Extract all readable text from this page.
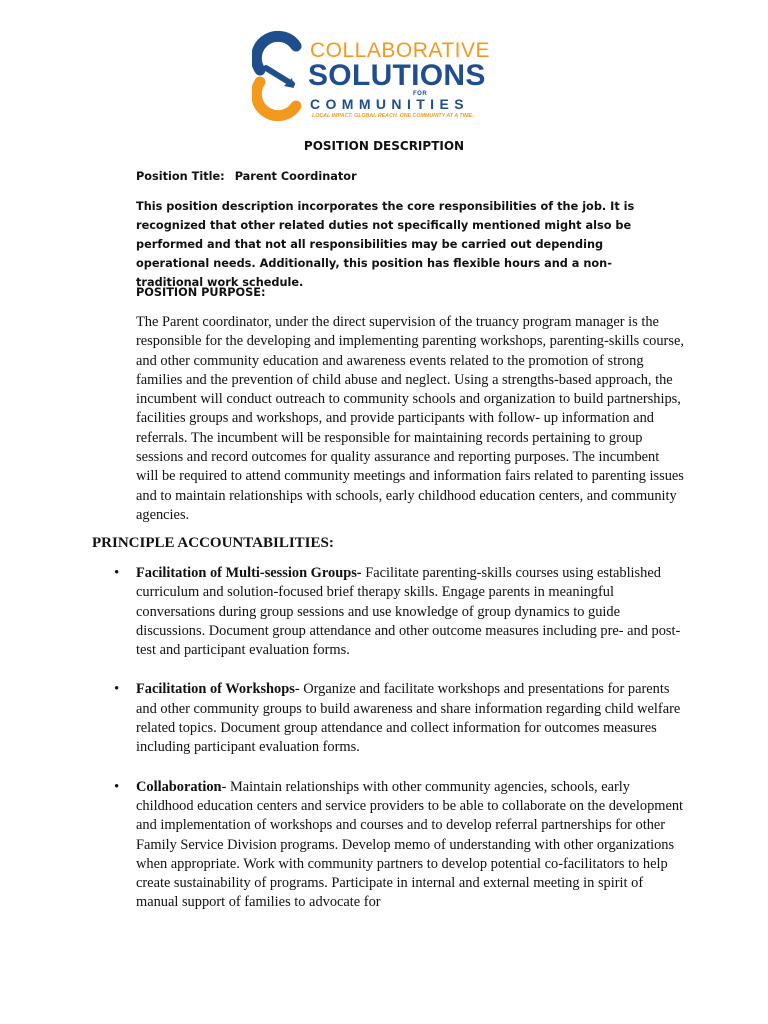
COLLABORATIVE
SOLUTIONS
FOR
COMMUNITIES
LOCAL IMPACT. GLOBAL REACH. ONE COMMUNITY AT A TIME.
POSITION DESCRIPTION
Position Title: Parent Coordinator

This position description incorporates the core responsibilities of the job. It is recognized that other related duties not specifically mentioned might also be performed and that not all responsibilities may be carried out depending operational needs. Additionally, this position has flexible hours and a non-traditional work schedule.

POSITION PURPOSE:

The Parent coordinator, under the direct supervision of the truancy program manager is the responsible for the developing and implementing parenting workshops, parenting-skills course, and other community education and awareness events related to the promotion of strong families and the prevention of child abuse and neglect. Using a strengths-based approach, the incumbent will conduct outreach to community schools and organization to build partnerships, facilities groups and workshops, and provide participants with follow- up information and referrals. The incumbent will be responsible for maintaining records pertaining to group sessions and record outcomes for quality assurance and reporting purposes. The incumbent will be required to attend community meetings and information fairs related to parenting issues and to maintain relationships with schools, early childhood education centers, and community agencies.

PRINCIPLE ACCOUNTABILITIES:
• Facilitation of Multi-session Groups- Facilitate parenting-skills courses using established curriculum and solution-focused brief therapy skills. Engage parents in meaningful conversations during group sessions and use knowledge of group dynamics to guide discussions. Document group attendance and other outcome measures including pre- and post-test and participant evaluation forms.
• Facilitation of Workshops- Organize and facilitate workshops and presentations for parents and other community groups to build awareness and share information regarding child welfare related topics. Document group attendance and collect information for outcomes measures including participant evaluation forms.
• Collaboration- Maintain relationships with other community agencies, schools, early childhood education centers and service providers to be able to collaborate on the development and implementation of workshops and courses and to develop referral partnerships for other Family Service Division programs. Develop memo of understanding with other organizations when appropriate. Work with community partners to develop potential co-facilitators to help create sustainability of programs. Participate in internal and external meeting in spirit of manual support of families to advocate for
